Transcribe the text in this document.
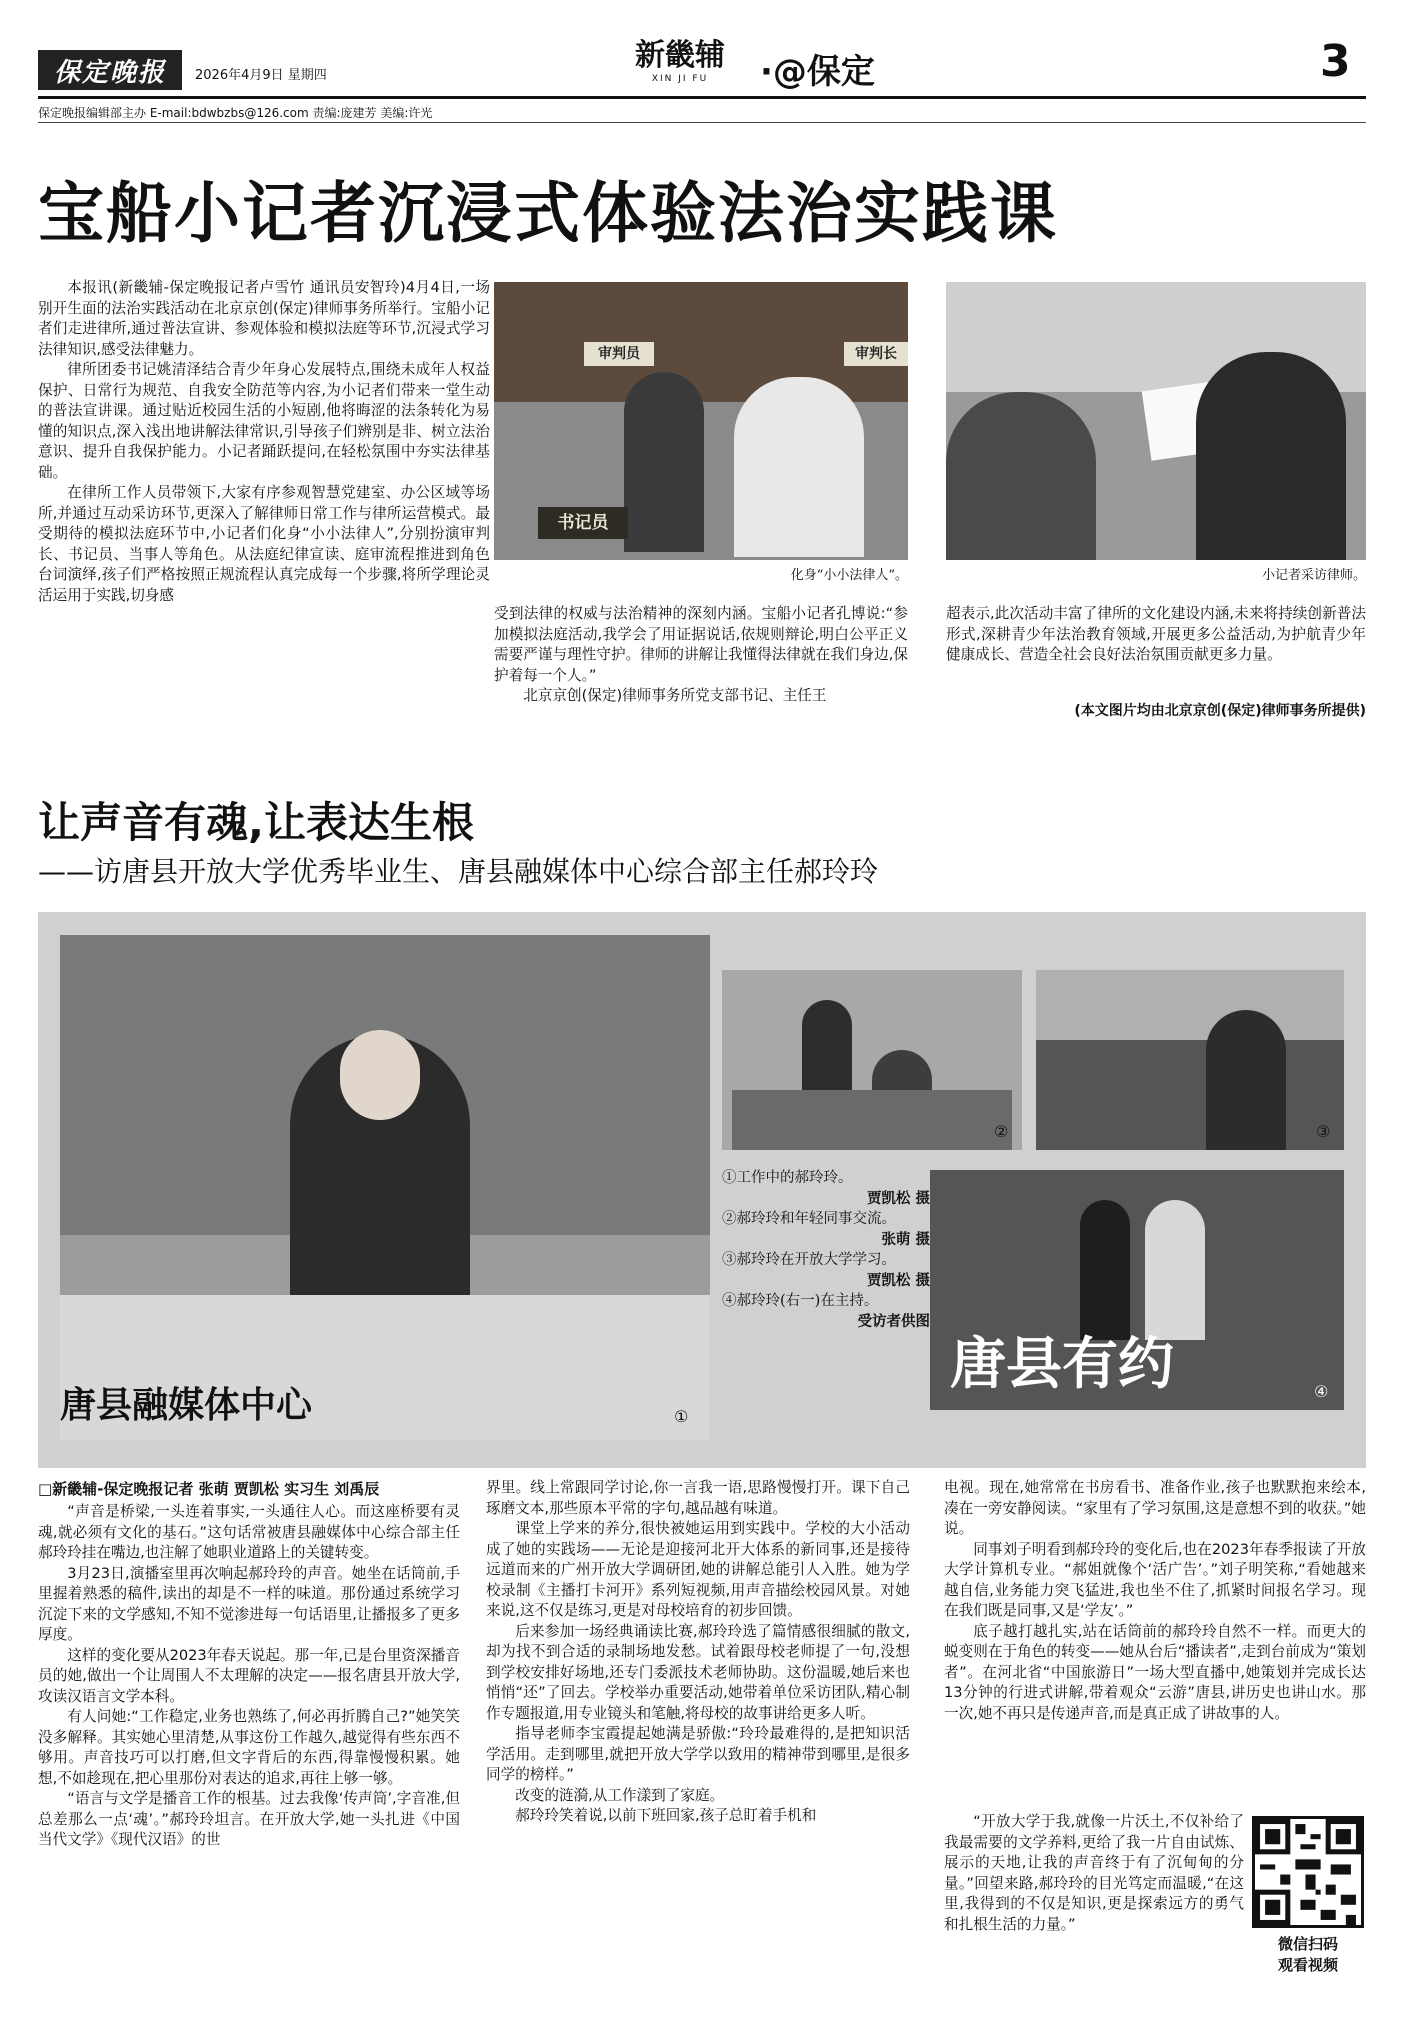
保定晚报	2026年4月9日 星期四
新畿辅
XIN JI FU	·@保定	3
保定晚报编辑部主办 E-mail:bdwbzbs@126.com 责编:庞建芳 美编:许光
宝船小记者沉浸式体验法治实践课

本报讯(新畿辅-保定晚报记者卢雪竹 通讯员安智玲)4月4日,一场别开生面的法治实践活动在北京京创(保定)律师事务所举行。宝船小记者们走进律所,通过普法宣讲、参观体验和模拟法庭等环节,沉浸式学习法律知识,感受法律魅力。

律所团委书记姚清泽结合青少年身心发展特点,围绕未成年人权益保护、日常行为规范、自我安全防范等内容,为小记者们带来一堂生动的普法宣讲课。通过贴近校园生活的小短剧,他将晦涩的法条转化为易懂的知识点,深入浅出地讲解法律常识,引导孩子们辨别是非、树立法治意识、提升自我保护能力。小记者踊跃提问,在轻松氛围中夯实法律基础。

在律所工作人员带领下,大家有序参观智慧党建室、办公区域等场所,并通过互动采访环节,更深入了解律师日常工作与律所运营模式。最受期待的模拟法庭环节中,小记者们化身“小小法律人”,分别扮演审判长、书记员、当事人等角色。从法庭纪律宣读、庭审流程推进到角色台词演绎,孩子们严格按照正规流程认真完成每一个步骤,将所学理论灵活运用于实践,切身感

审判员	审判长
书记员
化身“小小法律人”。

受到法律的权威与法治精神的深刻内涵。宝船小记者孔博说:“参加模拟法庭活动,我学会了用证据说话,依规则辩论,明白公平正义需要严谨与理性守护。律师的讲解让我懂得法律就在我们身边,保护着每一个人。”

北京京创(保定)律师事务所党支部书记、主任王

小记者采访律师。

超表示,此次活动丰富了律所的文化建设内涵,未来将持续创新普法形式,深耕青少年法治教育领域,开展更多公益活动,为护航青少年健康成长、营造全社会良好法治氛围贡献更多力量。

(本文图片均由北京京创(保定)律师事务所提供)
让声音有魂,让表达生根
——访唐县开放大学优秀毕业生、唐县融媒体中心综合部主任郝玲玲
唐县融媒体中心	①
②	③
①工作中的郝玲玲。
贾凯松 摄
②郝玲玲和年轻同事交流。
张萌 摄
③郝玲玲在开放大学学习。
贾凯松 摄
④郝玲玲(右一)在主持。
受访者供图
唐县有约	④
□新畿辅-保定晚报记者 张萌 贾凯松 实习生 刘禹辰

“声音是桥梁,一头连着事实,一头通往人心。而这座桥要有灵魂,就必须有文化的基石。”这句话常被唐县融媒体中心综合部主任郝玲玲挂在嘴边,也注解了她职业道路上的关键转变。

3月23日,演播室里再次响起郝玲玲的声音。她坐在话筒前,手里握着熟悉的稿件,读出的却是不一样的味道。那份通过系统学习沉淀下来的文学感知,不知不觉渗进每一句话语里,让播报多了更多厚度。

这样的变化要从2023年春天说起。那一年,已是台里资深播音员的她,做出一个让周围人不太理解的决定——报名唐县开放大学,攻读汉语言文学本科。

有人问她:“工作稳定,业务也熟练了,何必再折腾自己?”她笑笑没多解释。其实她心里清楚,从事这份工作越久,越觉得有些东西不够用。声音技巧可以打磨,但文字背后的东西,得靠慢慢积累。她想,不如趁现在,把心里那份对表达的追求,再往上够一够。

“语言与文学是播音工作的根基。过去我像‘传声筒’,字音准,但总差那么一点‘魂’。”郝玲玲坦言。在开放大学,她一头扎进《中国当代文学》《现代汉语》的世

界里。线上常跟同学讨论,你一言我一语,思路慢慢打开。课下自己琢磨文本,那些原本平常的字句,越品越有味道。

课堂上学来的养分,很快被她运用到实践中。学校的大小活动成了她的实践场——无论是迎接河北开大体系的新同事,还是接待远道而来的广州开放大学调研团,她的讲解总能引人入胜。她为学校录制《主播打卡河开》系列短视频,用声音描绘校园风景。对她来说,这不仅是练习,更是对母校培育的初步回馈。

后来参加一场经典诵读比赛,郝玲玲选了篇情感很细腻的散文,却为找不到合适的录制场地发愁。试着跟母校老师提了一句,没想到学校安排好场地,还专门委派技术老师协助。这份温暖,她后来也悄悄“还”了回去。学校举办重要活动,她带着单位采访团队,精心制作专题报道,用专业镜头和笔触,将母校的故事讲给更多人听。

指导老师李宝霞提起她满是骄傲:“玲玲最难得的,是把知识活学活用。走到哪里,就把开放大学学以致用的精神带到哪里,是很多同学的榜样。”

改变的涟漪,从工作漾到了家庭。

郝玲玲笑着说,以前下班回家,孩子总盯着手机和

电视。现在,她常常在书房看书、准备作业,孩子也默默抱来绘本,凑在一旁安静阅读。“家里有了学习氛围,这是意想不到的收获。”她说。

同事刘子明看到郝玲玲的变化后,也在2023年春季报读了开放大学计算机专业。“郝姐就像个‘活广告’。”刘子明笑称,“看她越来越自信,业务能力突飞猛进,我也坐不住了,抓紧时间报名学习。现在我们既是同事,又是‘学友’。”

底子越打越扎实,站在话筒前的郝玲玲自然不一样。而更大的蜕变则在于角色的转变——她从台后“播读者”,走到台前成为“策划者”。在河北省“中国旅游日”一场大型直播中,她策划并完成长达13分钟的行进式讲解,带着观众“云游”唐县,讲历史也讲山水。那一次,她不再只是传递声音,而是真正成了讲故事的人。

“开放大学于我,就像一片沃土,不仅补给了我最需要的文学养料,更给了我一片自由试炼、展示的天地,让我的声音终于有了沉甸甸的分量。”回望来路,郝玲玲的目光笃定而温暖,“在这里,我得到的不仅是知识,更是探索远方的勇气和扎根生活的力量。”

微信扫码
观看视频
